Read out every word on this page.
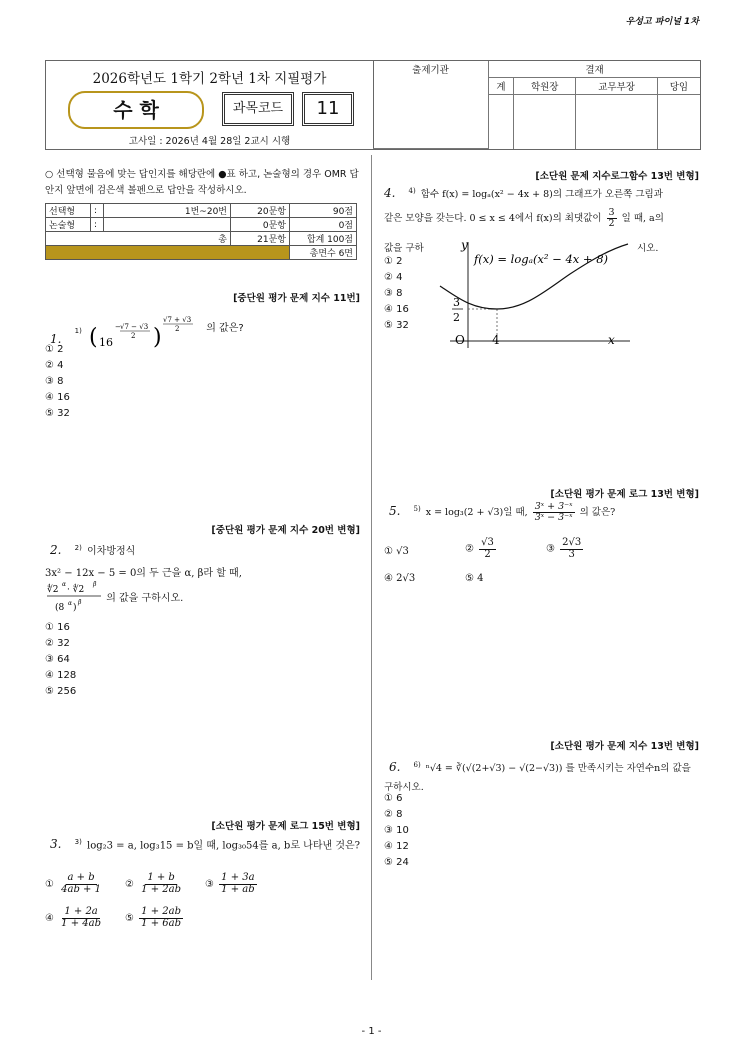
우성고 파이널 1차
2026학년도 1학기 2학년 1차 지필평가
수 학	과목코드	11
고사일 : 2026년 4월 28일 2교시 시행
출제기관	결재			
	계	학원장	교무부장	당임

○ 선택형 물음에 맞는 답인지를 해당란에 ●표 하고, 논술형의 경우 OMR 답안지 앞면에 검은색 볼펜으로 답안을 작성하시오.
선택형	:	1번~20번	20문항	90점
논술형	:		0문항	0점
총			21문항	합계 100점
				총면수 6면
[중단원 평가 문제 지수 11번]
1. $^{1)}$ ( 16
− √7 − √3
2 )
√7 + √3
2	의 값은?
① 2
② 4
③ 8
④ 16
⑤ 32
[중단원 평가 문제 지수 20번 변형]
2. $^{2)}$ 이차방정식
3x² − 12x − 5 = 0의 두 근을 α, β라 할 때,
∜2
α
· ∜2
β
(8 α )
β 의 값을 구하시오.
① 16
② 32
③ 64
④ 128
⑤ 256
[소단원 평가 문제 로그 15번 변형]
3. $^{3)}$ log₂3 = a, log₃15 = b일 때, log₃₀54를 a, b로 나타낸 것은?
① $\frac{a + b}{4ab + 1}$ ② $\frac{1 + b}{1 + 2ab}$ ③ $\frac{1 + 3a}{1 + ab}$
④ $\frac{1 + 2a}{1 + 4ab}$ ⑤ $\frac{1 + 2ab}{1 + 6ab}$
[소단원 문제 지수로그함수 13번 변형]
4. $^{4)}$ 함수 f(x) = logₐ(x² − 4x + 8)의 그래프가 오른쪽 그림과
같은 모양을 갖는다. 0 ≤ x ≤ 4에서 f(x)의 최댓값이 $\frac{3}{2}$ 일 때, a의
값을 구하	시오.
① 2
② 4
③ 8
④ 16
⑤ 32
y
x
O 4
3
2
f(x) = logₐ(x² − 4x + 8)
[소단원 평가 문제 로그 13번 변형]
5. $^{5)}$ x = log₃(2 + √3)일 때, $\frac{\text{3ˣ + 3⁻ˣ}}{\text{3ˣ − 3⁻ˣ}}$ 의 값은?
① √3	② $\frac{√3}{2}$	③ $\frac{2√3}{3}$
④ 2√3	⑤ 4
[소단원 평가 문제 지수 13번 변형]
6. $^{6)}$ ⁿ√4 = ∛(√(2+√3) − √(2−√3)) 를 만족시키는 자연수n의 값을 구하시오.
① 6
② 8
③ 10
④ 12
⑤ 24
- 1 -
